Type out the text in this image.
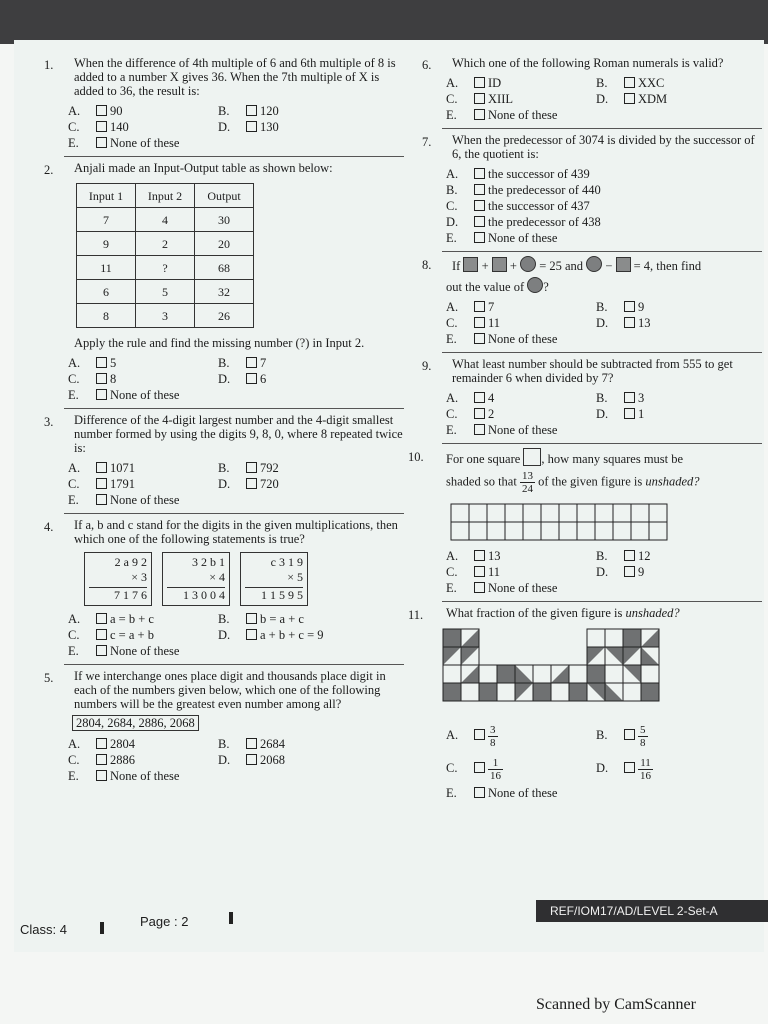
1. When the difference of 4th multiple of 6 and 6th multiple of 8 is added to a number X gives 36. When the 7th multiple of X is added to 36, the result is:
A. 90	B. 120
C. 140	D. 130
E. None of these
2. Anjali made an Input-Output table as shown below:
Input 1	Input 2	Output
7	4	30
9	2	20
11	?	68
6	5	32
8	3	26
Apply the rule and find the missing number (?) in Input 2.
A. 5	B. 7
C. 8	D. 6
E. None of these
3. Difference of the 4-digit largest number and the 4-digit smallest number formed by using the digits 9, 8, 0, where 8 repeated twice is:
A. 1071	B. 792
C. 1791	D. 720
E. None of these
4. If a, b and c stand for the digits in the given multiplications, then which one of the following statements is true?
2 a 9 2
× 3
7 1 7 6
3 2 b 1
× 4
1 3 0 0 4
c 3 1 9
× 5
1 1 5 9 5
A. a = b + c	B. b = a + c
C. c = a + b	D. a + b + c = 9
E. None of these
5. If we interchange ones place digit and thousands place digit in each of the numbers given below, which one of the following numbers will be the greatest even number among all?
2804, 2684, 2886, 2068
A. 2804	B. 2684
C. 2886	D. 2068
E. None of these
6. Which one of the following Roman numerals is valid?
A. ID	B. XXC
C. XIIL	D. XDM
E. None of these
7. When the predecessor of 3074 is divided by the successor of 6, the quotient is:
A. the successor of 439
B. the predecessor of 440
C. the successor of 437
D. the predecessor of 438
E. None of these
8. If  +  +  = 25 and  −  = 4, then find
out the value of ?
A. 7	B. 9
C. 11	D. 13
E. None of these
9. What least number should be subtracted from 555 to get remainder 6 when divided by 7?
A. 4	B. 3
C. 2	D. 1
E. None of these
10. For one square , how many squares must be
shaded so that $\frac{13}{24}$ of the given figure is unshaded?
A. 13	B. 12
C. 11	D. 9
E. None of these
11. What fraction of the given figure is unshaded?
A.	$\frac{3}{8}$	B.	$\frac{5}{8}$
C.	$\frac{1}{16}$	D.	$\frac{11}{16}$
E. None of these
Class: 4
Page : 2
REF/IOM17/AD/LEVEL 2-Set-A
Scanned by CamScanner
